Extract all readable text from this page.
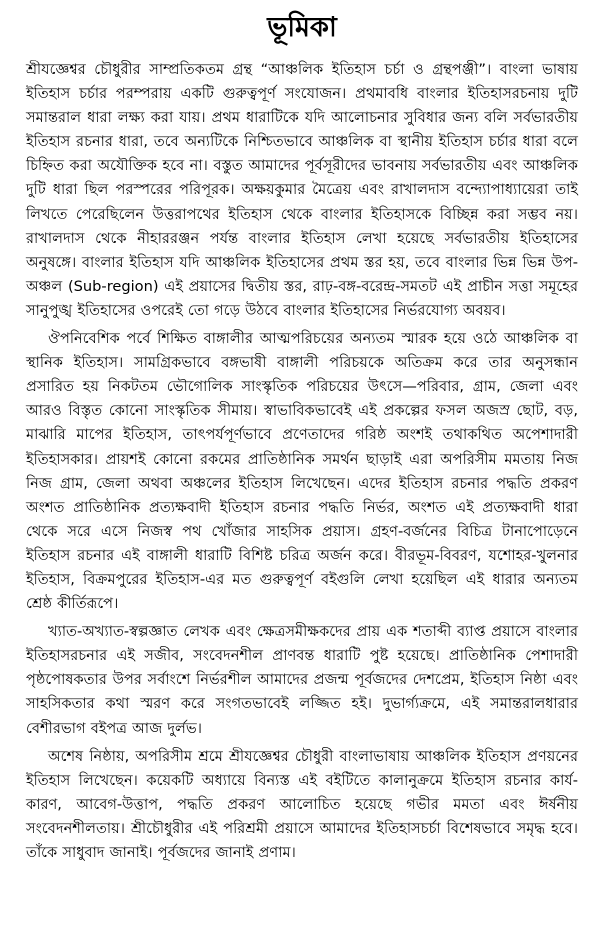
ভূমিকা

শ্রীযজ্ঞেশ্বর চৌধুরীর সাম্প্রতিকতম গ্রন্থ “আঞ্চলিক ইতিহাস চর্চা ও গ্রন্থপঞ্জী”। বাংলা ভাষায় ইতিহাস চর্চার পরম্পরায় একটি গুরুত্বপূর্ণ সংযোজন। প্রথমাবধি বাংলার ইতিহাসরচনায় দুটি সমান্তরাল ধারা লক্ষ্য করা যায়। প্রথম ধারাটিকে যদি আলোচনার সুবিধার জন্য বলি সর্বভারতীয় ইতিহাস রচনার ধারা, তবে অন্যটিকে নিশ্চিতভাবে আঞ্চলিক বা স্থানীয় ইতিহাস চর্চার ধারা বলে চিহ্নিত করা অযৌক্তিক হবে না। বস্তুত আমাদের পূর্বসূরীদের ভাবনায় সর্বভারতীয় এবং আঞ্চলিক দুটি ধারা ছিল পরস্পরের পরিপূরক। অক্ষয়কুমার মৈত্রেয় এবং রাখালদাস বন্দ্যোপাধ্যায়েরা তাই লিখতে পেরেছিলেন উত্তরাপথের ইতিহাস থেকে বাংলার ইতিহাসকে বিচ্ছিন্ন করা সম্ভব নয়। রাখালদাস থেকে নীহাররঞ্জন পর্যন্ত বাংলার ইতিহাস লেখা হয়েছে সর্বভারতীয় ইতিহাসের অনুষঙ্গে। বাংলার ইতিহাস যদি আঞ্চলিক ইতিহাসের প্রথম স্তর হয়, তবে বাংলার ভিন্ন ভিন্ন উপ-অঞ্চল (Sub-region) এই প্রয়াসের দ্বিতীয় স্তর, রাঢ়-বঙ্গ-বরেন্দ্র-সমতট এই প্রাচীন সত্তা সমূহের সানুপুঙ্খ ইতিহাসের ওপরেই তো গড়ে উঠবে বাংলার ইতিহাসের নির্ভরযোগ্য অবয়ব।

ঔপনিবেশিক পর্বে শিক্ষিত বাঙ্গালীর আত্মপরিচয়ের অন্যতম স্মারক হয়ে ওঠে আঞ্চলিক বা স্থানিক ইতিহাস। সামগ্রিকভাবে বঙ্গভাষী বাঙ্গালী পরিচয়কে অতিক্রম করে তার অনুসন্ধান প্রসারিত হয় নিকটতম ভৌগোলিক সাংস্কৃতিক পরিচয়ের উৎসে—পরিবার, গ্রাম, জেলা এবং আরও বিস্তৃত কোনো সাংস্কৃতিক সীমায়। স্বাভাবিকভাবেই এই প্রকল্পের ফসল অজস্র ছোট, বড়, মাঝারি মাপের ইতিহাস, তাৎপর্যপূর্ণভাবে প্রণেতাদের গরিষ্ঠ অংশই তথাকথিত অপেশাদারী ইতিহাসকার। প্রায়শই কোনো রকমের প্রাতিষ্ঠানিক সমর্থন ছাড়াই এরা অপরিসীম মমতায় নিজ নিজ গ্রাম, জেলা অথবা অঞ্চলের ইতিহাস লিখেছেন। এদের ইতিহাস রচনার পদ্ধতি প্রকরণ অংশত প্রাতিষ্ঠানিক প্রত্যক্ষবাদী ইতিহাস রচনার পদ্ধতি নির্ভর, অংশত এই প্রত্যক্ষবাদী ধারা থেকে সরে এসে নিজস্ব পথ খোঁজার সাহসিক প্রয়াস। গ্রহণ-বর্জনের বিচিত্র টানাপোড়েনে ইতিহাস রচনার এই বাঙ্গালী ধারাটি বিশিষ্ট চরিত্র অর্জন করে। বীরভূম-বিবরণ, যশোহর-খুলনার ইতিহাস, বিক্রমপুরের ইতিহাস-এর মত গুরুত্বপূর্ণ বইগুলি লেখা হয়েছিল এই ধারার অন্যতম শ্রেষ্ঠ কীর্তিরূপে।

খ্যাত-অখ্যাত-স্বল্পজ্ঞাত লেখক এবং ক্ষেত্রসমীক্ষকদের প্রায় এক শতাব্দী ব্যাপ্ত প্রয়াসে বাংলার ইতিহাসরচনার এই সজীব, সংবেদনশীল প্রাণবন্ত ধারাটি পুষ্ট হয়েছে। প্রাতিষ্ঠানিক পেশাদারী পৃষ্ঠপোষকতার উপর সর্বাংশে নির্ভরশীল আমাদের প্রজন্ম পূর্বজদের দেশপ্রেম, ইতিহাস নিষ্ঠা এবং সাহসিকতার কথা স্মরণ করে সংগতভাবেই লজ্জিত হই। দুভার্গ্যক্রমে, এই সমান্তরালধারার বেশীরভাগ বইপত্র আজ দুর্লভ।

অশেষ নিষ্ঠায়, অপরিসীম শ্রমে শ্রীযজ্ঞেশ্বর চৌধুরী বাংলাভাষায় আঞ্চলিক ইতিহাস প্রণয়নের ইতিহাস লিখেছেন। কয়েকটি অধ্যায়ে বিন্যস্ত এই বইটিতে কালানুক্রমে ইতিহাস রচনার কার্য-কারণ, আবেগ-উত্তাপ, পদ্ধতি প্রকরণ আলোচিত হয়েছে গভীর মমতা এবং ঈর্ষনীয় সংবেদনশীলতায়। শ্রীচৌধুরীর এই পরিশ্রমী প্রয়াসে আমাদের ইতিহাসচর্চা বিশেষভাবে সমৃদ্ধ হবে। তাঁকে সাধুবাদ জানাই। পূর্বজদের জানাই প্রণাম।
